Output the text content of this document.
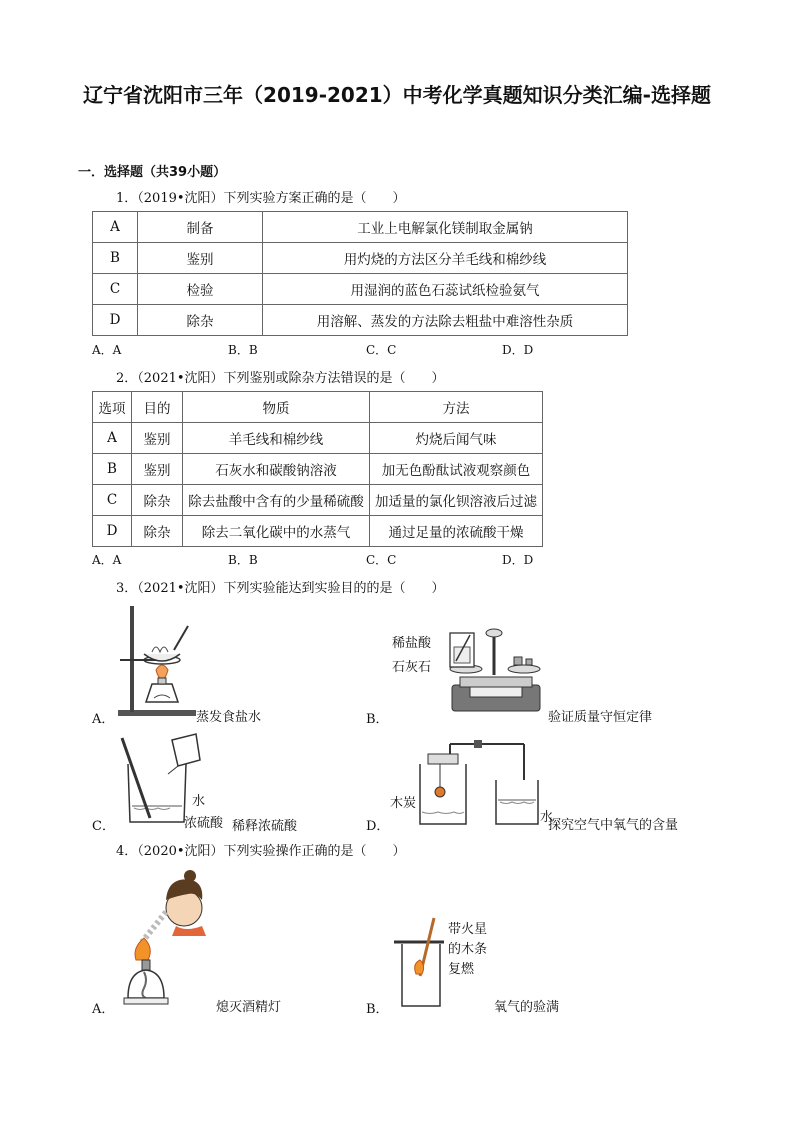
辽宁省沈阳市三年（2019-2021）中考化学真题知识分类汇编-选择题
一．选择题（共39小题）
1．（2019•沈阳）下列实验方案正确的是（　　）
A	制备	工业上电解氯化镁制取金属钠
B	鉴别	用灼烧的方法区分羊毛线和棉纱线
C	检验	用湿润的蓝色石蕊试纸检验氨气
D	除杂	用溶解、蒸发的方法除去粗盐中难溶性杂质
A．A	B．B	C．C	D．D
2．（2021•沈阳）下列鉴别或除杂方法错误的是（　　）
选项	目的	物质	方法
A	鉴别	羊毛线和棉纱线	灼烧后闻气味
B	鉴别	石灰水和碳酸钠溶液	加无色酚酞试液观察颜色
C	除杂	除去盐酸中含有的少量稀硫酸	加适量的氯化钡溶液后过滤
D	除杂	除去二氧化碳中的水蒸气	通过足量的浓硫酸干燥
A．A	B．B	C．C	D．D
3．（2021•沈阳）下列实验能达到实验目的的是（　　）
A．	蒸发食盐水
稀盐酸
石灰石
B．	验证质量守恒定律
水
C．	浓硫酸 稀释浓硫酸
木炭
水
D．	探究空气中氧气的含量
4．（2020•沈阳）下列实验操作正确的是（　　）
A．	熄灭酒精灯
带火星
的木条
复燃
B．	氧气的验满
